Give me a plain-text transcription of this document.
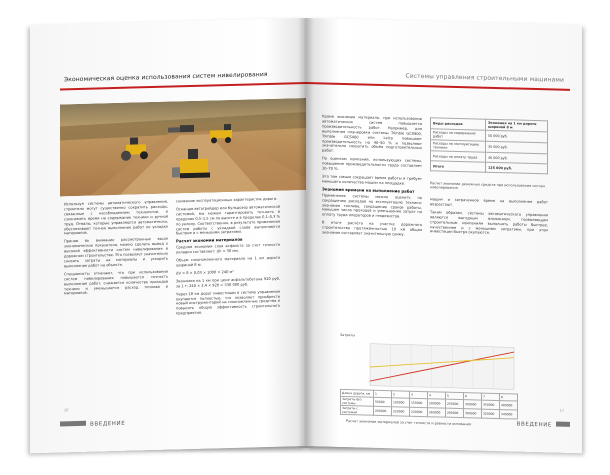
Экономическая оценка использования систем нивелирования

Используя системы автоматического управления, строители могут существенно сократить расходы, связанные с несоблюдением технологии, и сэкономить время на содержание техники и ручной труд. Отвалы, которые управляются автоматически, обеспечивают точное выполнение работ по укладке материалов.

Приняв во внимание рассмотренные выше экономические показатели, можно сделать вывод о высокой эффективности систем нивелирования в дорожном строительстве. Это позволяет значительно снизить затраты на материалы и ускорить выполнение работ на объекте.

Специалисты отмечают, что при использовании систем нивелирования повышается точность выполнения работ, снижается количество проходов техники и уменьшается расход топлива и материалов.

снижение эксплуатационных характеристик дороги.

Оснащая автогрейдер или бульдозер автоматической системой, мы можем гарантировать точность в пределах 0,5–1,5 см по высоте и в пределах 0,1–0,3 % по уклону. Соответственно, в результате применения систем работы с укладкой слоёв выполняются быстрее и с меньшими затратами.

Расчет экономии материалов
Средняя экономия слоя асфальта за счет точности укладки составляет: Δh = 30 мм.

Объем сэкономленного материала на 1 км дороги шириной 8 м:

ΔV = 8 × 0,03 × 1000 = 240 м³

Экономия на 1 км при цене асфальтобетона 920 руб. за 1 т: 240 × 2,4 × 920 ≈ 530 000 руб.

Через 18 км дорог инвестиции в систему управления окупаются полностью, что позволяет приобрести новый инструментарий на сэкономленные средства и повысить общую эффективность строительного предприятия.

16
ВВЕДЕНИЕ
Системы управления строительными машинами

Кроме экономии материала, при использовании автоматических систем повышается производительность работ. Например, для выполнения планировки системы Trimble GCS900, Trimble GCS400 или Leica повышают производительность на 40–50 % и позволяют значительно сократить объём подготовительных работ.

По оценкам компаний, использующих системы, повышение производительности труда составляет 30–70 %.

Это тем самым сокращает время работы и требует меньшего количества машин на площадке.

Экономия времени на выполнение работ
Применение системы можно оценить по сокращению расходов на эксплуатацию техники: экономия топлива, сокращение сроков работы, меньшее число проходов и уменьшение затрат на оплату труда операторов и геодезистов.

В итоге расчёта на участке дорожного строительства протяжённостью 10 км общая экономия составляет значительную сумму.

Виды расходов	Экономия на 1 км дороги шириной 8 м
Расходы на содержание работ	50 000 руб.
Расходы на эксплуатацию техники	35 000 руб.
Расходы на оплату труда	40 000 руб.
Итого	125 000 руб.
Расчет экономии денежных средств при использовании систем нивелирования

машин и затраченное время на выполнение работ возрастают.

Таким образом, системы автоматического управления являются выгодным вложением, позволяющим строительным компаниям выполнять работы быстрее, качественнее и с меньшими затратами, при этом инвестиции быстро окупаются.

Затраты
Длина дороги, км	1	2	3	4	5	6	7	8
Затраты без системы	50000	100000	150000	200000	250000	300000	350000	400000
Затраты с системой	200000	220000	240000	260000	280000	300000	320000	340000
Расчет экономии материалов за счет точности и ровности основания
17
ВВЕДЕНИЕ
